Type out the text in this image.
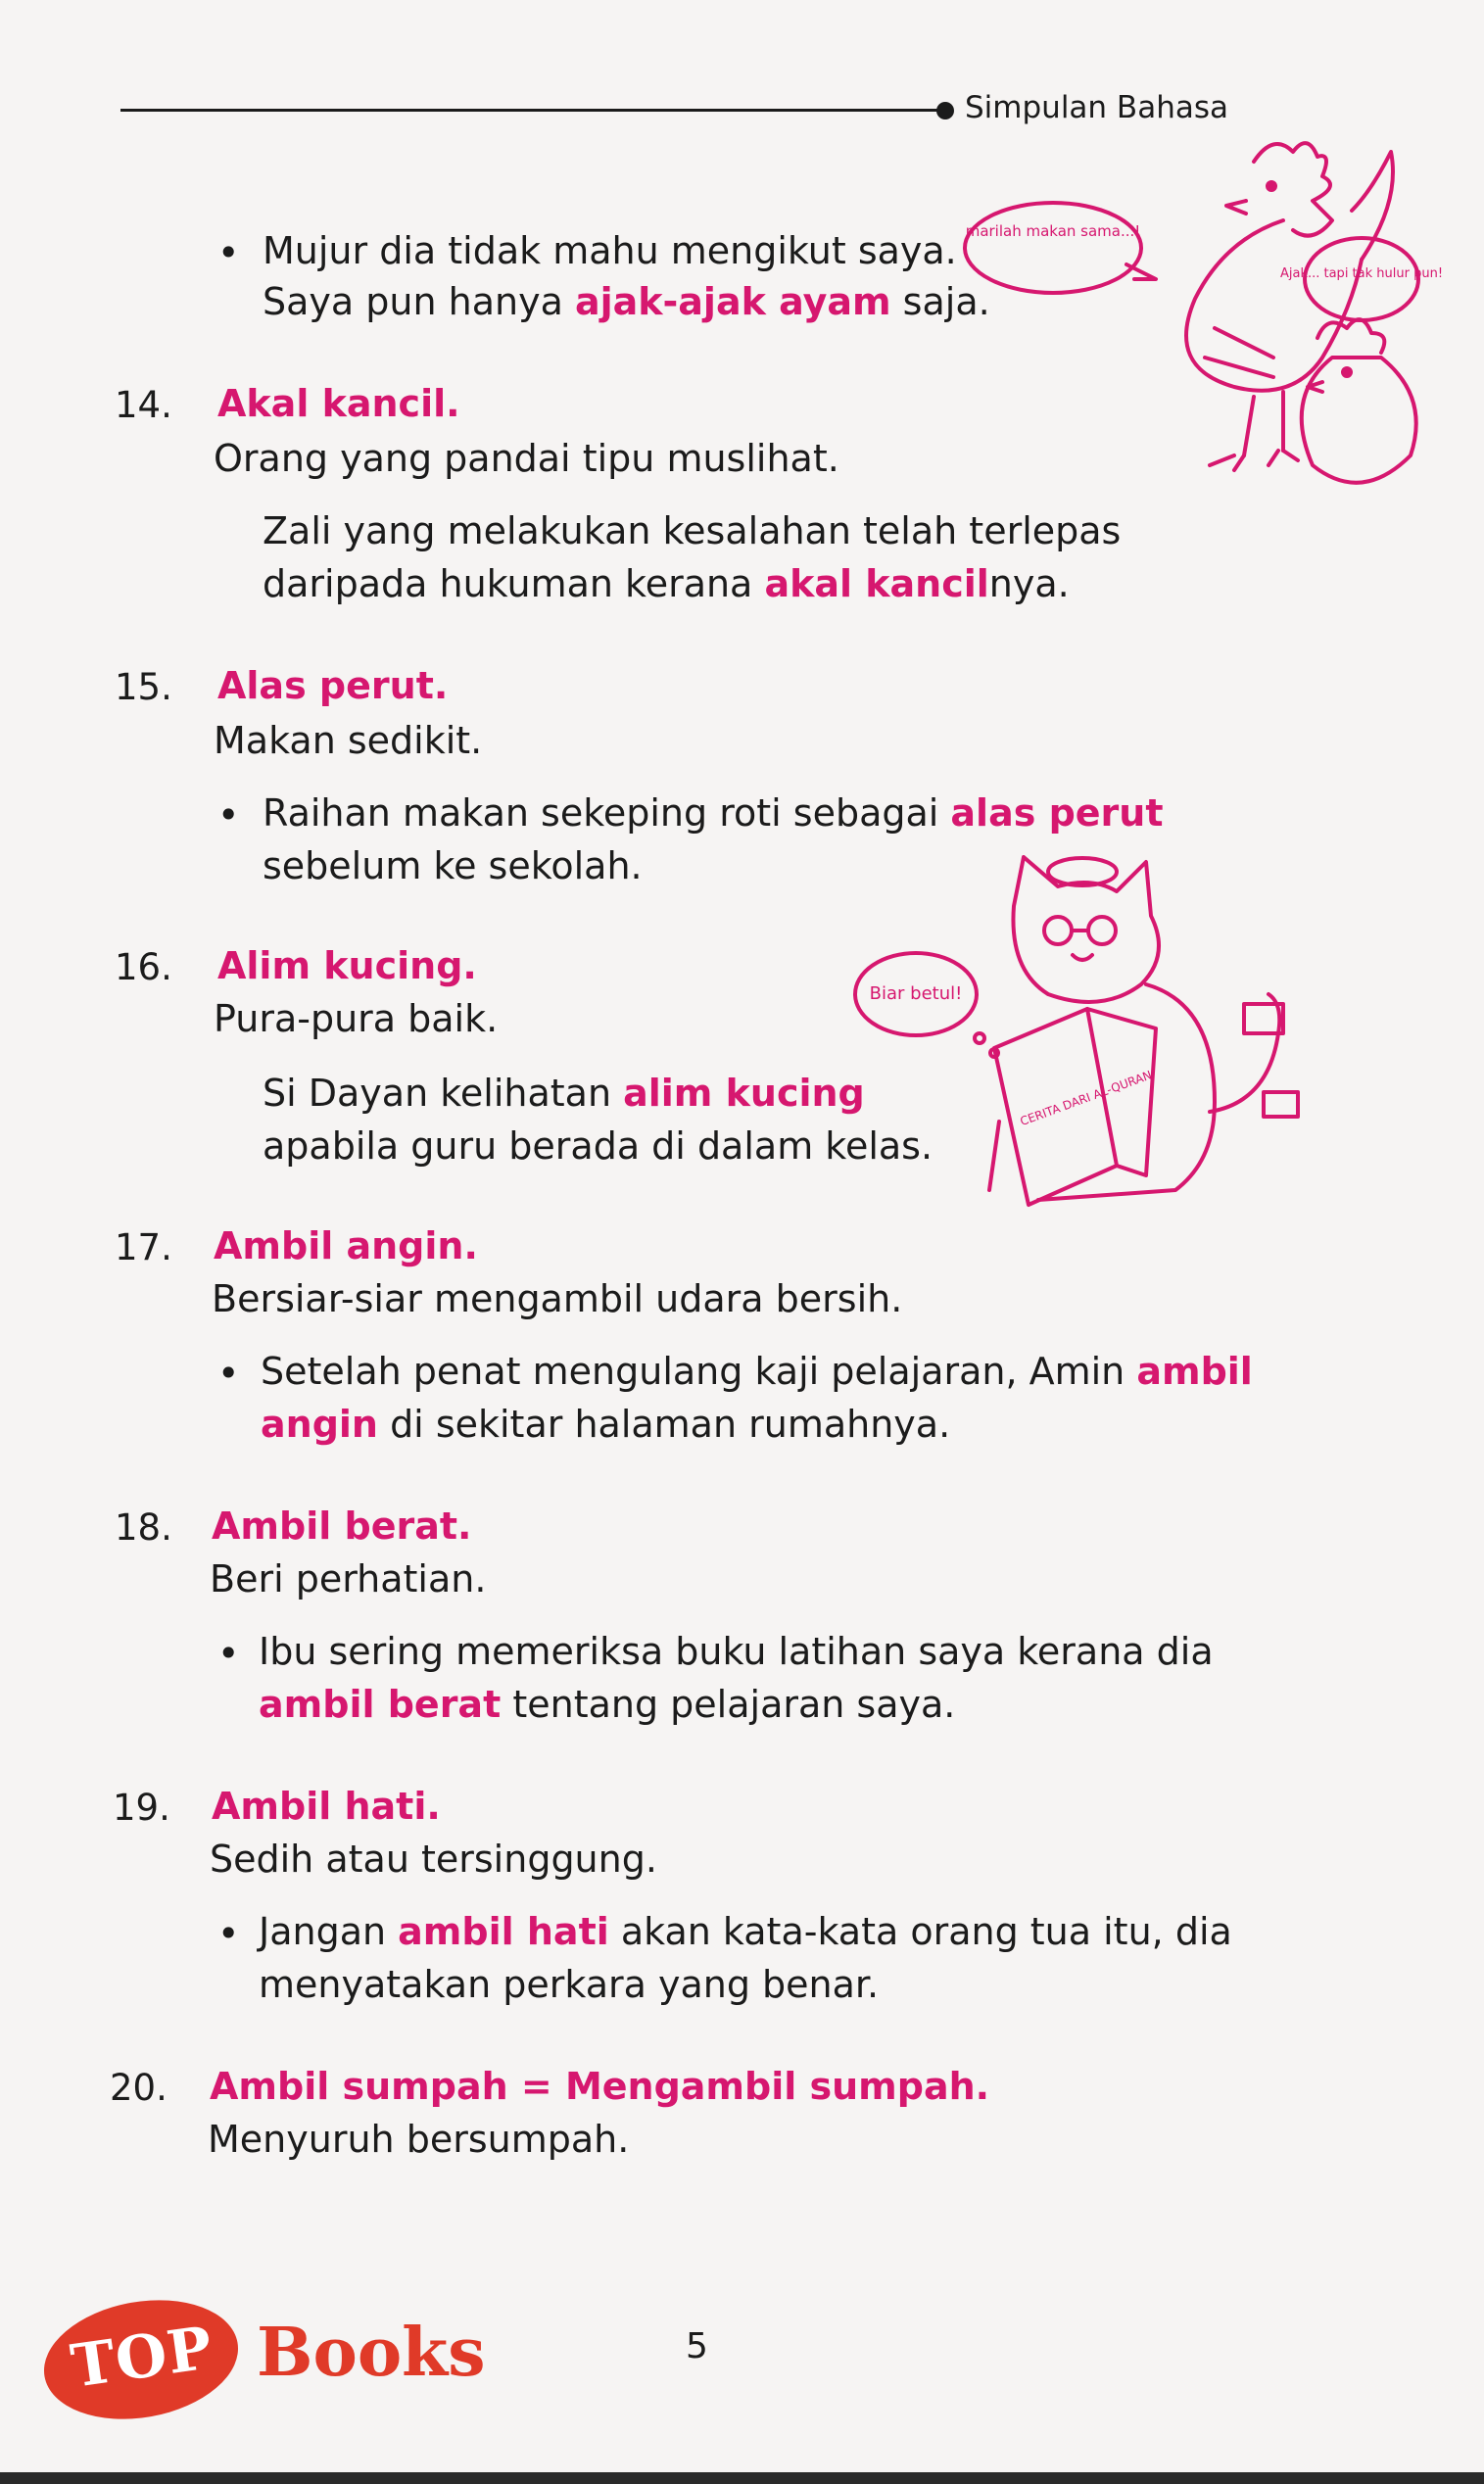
Simpulan Bahasa
• Mujur dia tidak mahu mengikut saya.
Saya pun hanya ajak-ajak ayam saja.
14. Akal kancil.
Orang yang pandai tipu muslihat.
Zali yang melakukan kesalahan telah terlepas
daripada hukuman kerana akal kancilnya.
15. Alas perut.
Makan sedikit.
• Raihan makan sekeping roti sebagai alas perut
sebelum ke sekolah.
16. Alim kucing.
Pura-pura baik.
Si Dayan kelihatan alim kucing
apabila guru berada di dalam kelas.
17. Ambil angin.
Bersiar-siar mengambil udara bersih.
• Setelah penat mengulang kaji pelajaran, Amin ambil
angin di sekitar halaman rumahnya.
18. Ambil berat.
Beri perhatian.
• Ibu sering memeriksa buku latihan saya kerana dia
ambil berat tentang pelajaran saya.
19. Ambil hati.
Sedih atau tersinggung.
• Jangan ambil hati akan kata-kata orang tua itu, dia
menyatakan perkara yang benar.
20. Ambil sumpah = Mengambil sumpah.
Menyuruh bersumpah.
marilah makan sama...!
Ajak... tapi tak hulur pun!
Biar betul!
CERITA DARI AL-QURAN
5
TOP Books
